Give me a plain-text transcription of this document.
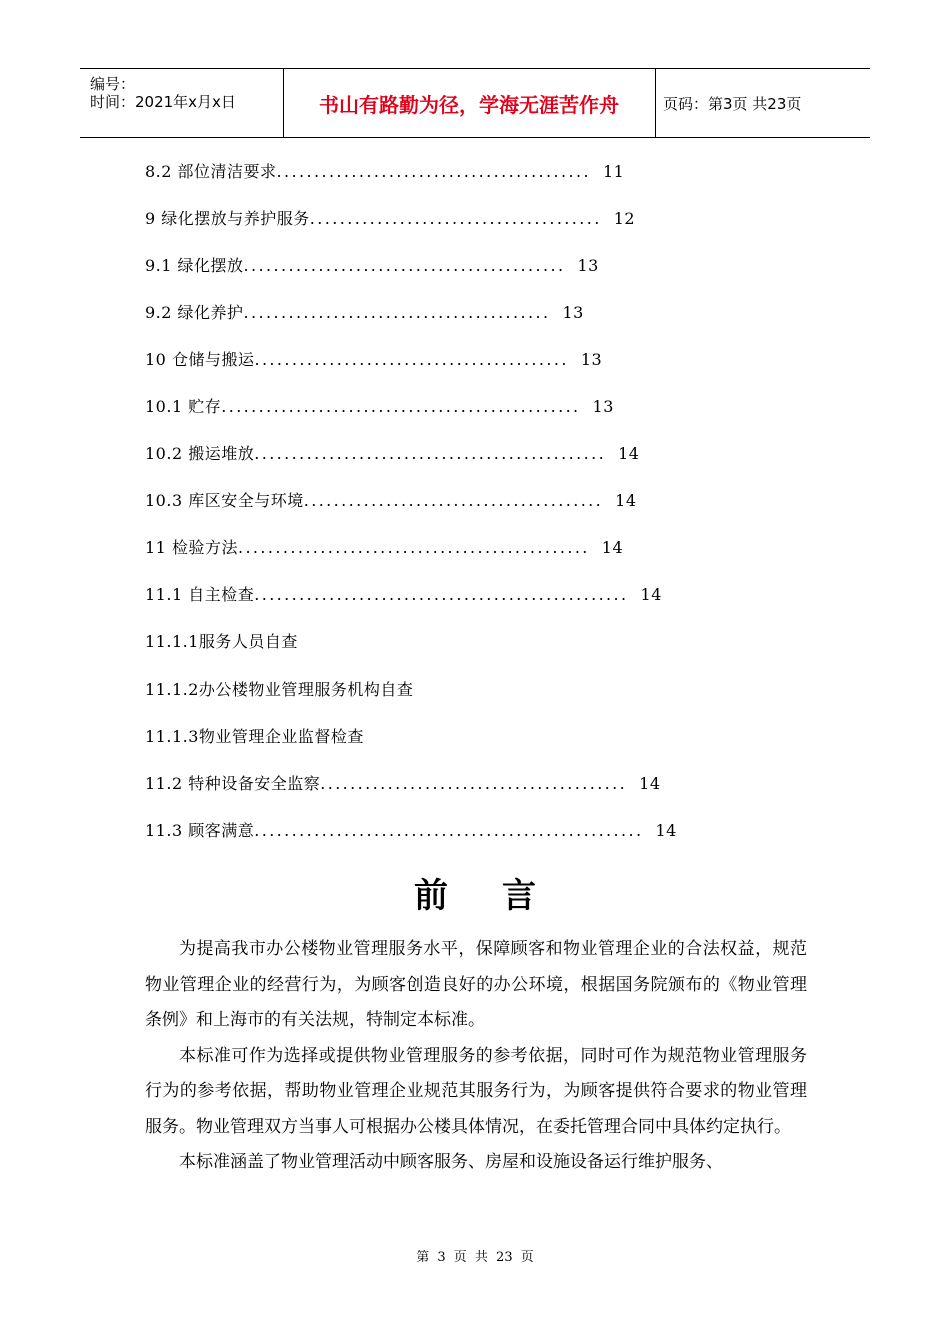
编号：
时间：2021年x月x日	书山有路勤为径，学海无涯苦作舟	页码：第3页 共23页
8.2 部位清洁要求.......................................... 11
9 绿化摆放与养护服务....................................... 12
9.1 绿化摆放........................................... 13
9.2 绿化养护......................................... 13
10 仓储与搬运.......................................... 13
10.1 贮存................................................ 13
10.2 搬运堆放............................................... 14
10.3 库区安全与环境........................................ 14
11 检验方法............................................... 14
11.1 自主检查.................................................. 14
11.1.1服务人员自查
11.1.2办公楼物业管理服务机构自查
11.1.3物业管理企业监督检查
11.2 特种设备安全监察......................................... 14
11.3 顾客满意.................................................... 14
前言

为提高我市办公楼物业管理服务水平，保障顾客和物业管理企业的合法权益，规范物业管理企业的经营行为，为顾客创造良好的办公环境，根据国务院颁布的《物业管理条例》和上海市的有关法规，特制定本标准。

本标准可作为选择或提供物业管理服务的参考依据，同时可作为规范物业管理服务行为的参考依据，帮助物业管理企业规范其服务行为，为顾客提供符合要求的物业管理服务。物业管理双方当事人可根据办公楼具体情况，在委托管理合同中具体约定执行。

本标准涵盖了物业管理活动中顾客服务、房屋和设施设备运行维护服务、

第 3 页 共 23 页
